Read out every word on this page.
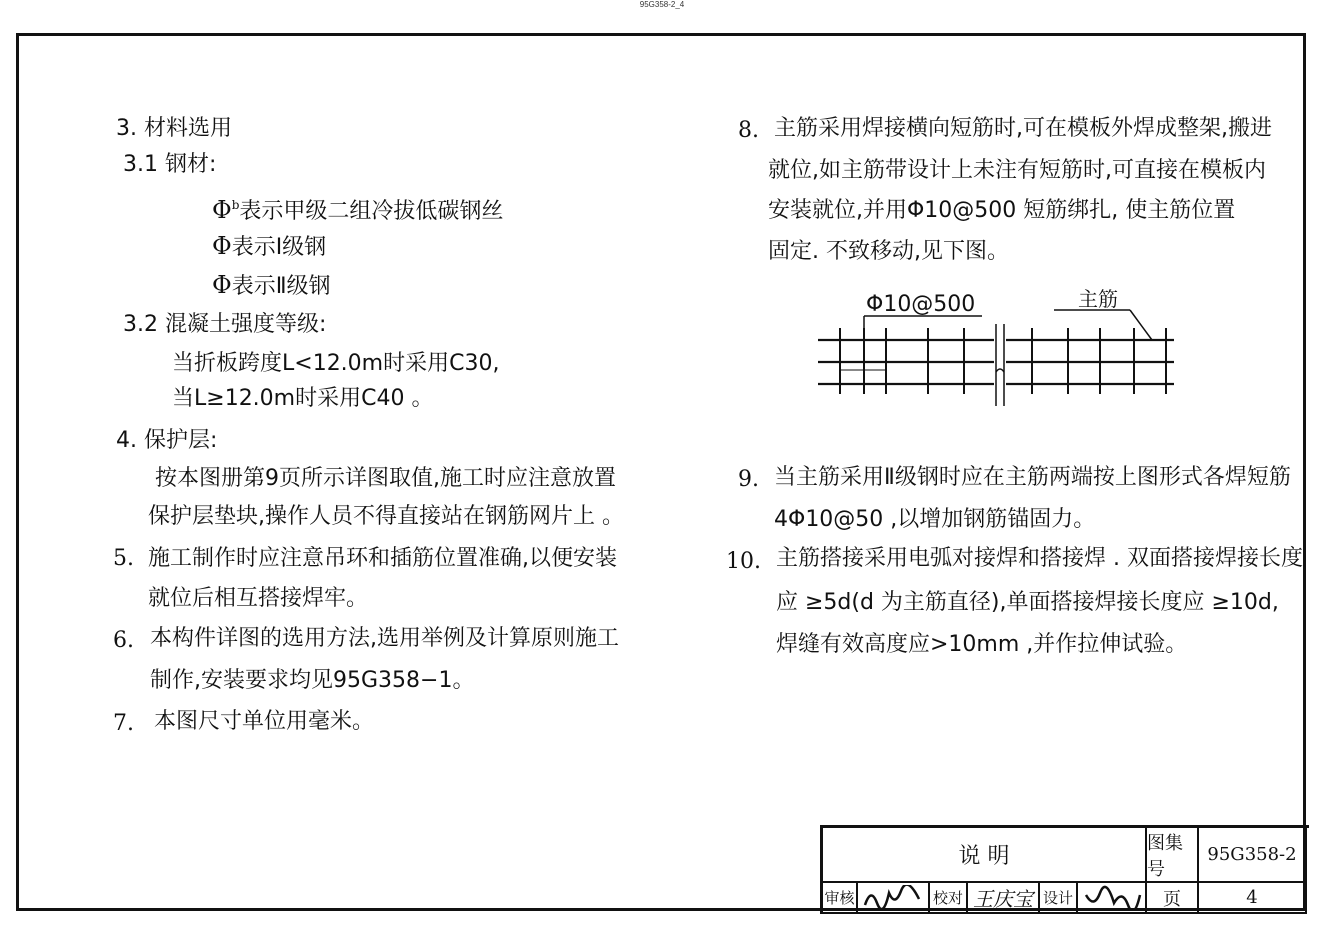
95G358-2_4
3. 材料选用
3.1 钢材:
$\Phi^b$表示甲级二组冷拔低碳钢丝
Φ表示Ⅰ级钢
Φ表示Ⅱ级钢
3.2 混凝土强度等级:
当折板跨度L<12.0m时采用C30,
当L≥12.0m时采用C40 。
4. 保护层:
按本图册第9页所示详图取值,施工时应注意放置
保护层垫块,操作人员不得直接站在钢筋网片上 。
5. 施工制作时应注意吊环和插筋位置准确,以便安装
就位后相互搭接焊牢。
6. 本构件详图的选用方法,选用举例及计算原则施工
制作,安装要求均见95G358−1。
7. 本图尺寸单位用毫米。
8. 主筋采用焊接横向短筋时,可在模板外焊成整架,搬进
就位,如主筋带设计上未注有短筋时,可直接在模板内
安装就位,并用Φ10@500 短筋绑扎, 使主筋位置
固定. 不致移动,见下图。
Φ10@500	主筋
9. 当主筋采用Ⅱ级钢时应在主筋两端按上图形式各焊短筋
4Φ10@50 ,以增加钢筋锚固力。
10. 主筋搭接采用电弧对接焊和搭接焊 . 双面搭接焊接长度
应 ≥5d(d 为主筋直径),单面搭接焊接长度应 ≥10d,
焊缝有效高度应>10mm ,并作拉伸试验。
说 明
图集号
95G358-2
审核	校对 王庆宝 设计	页	4
